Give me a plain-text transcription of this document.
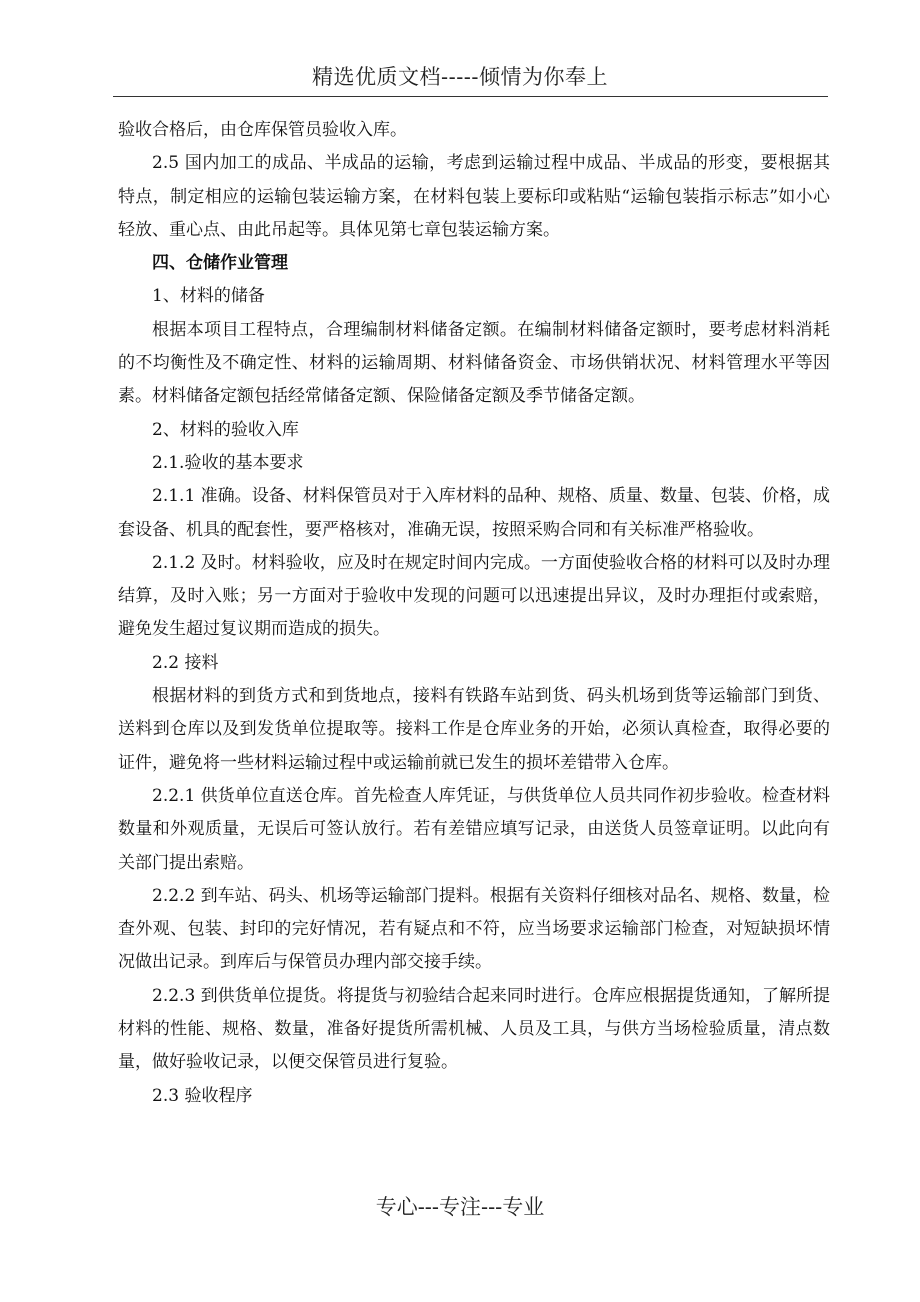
精选优质文档-----倾情为你奉上

验收合格后，由仓库保管员验收入库。

2.5 国内加工的成品、半成品的运输，考虑到运输过程中成品、半成品的形变，要根据其特点，制定相应的运输包装运输方案，在材料包装上要标印或粘贴“运输包装指示标志”如小心轻放、重心点、由此吊起等。具体见第七章包装运输方案。

四、仓储作业管理

1、材料的储备

根据本项目工程特点，合理编制材料储备定额。在编制材料储备定额时，要考虑材料消耗的不均衡性及不确定性、材料的运输周期、材料储备资金、市场供销状况、材料管理水平等因素。材料储备定额包括经常储备定额、保险储备定额及季节储备定额。

2、材料的验收入库

2.1.验收的基本要求

2.1.1 准确。设备、材料保管员对于入库材料的品种、规格、质量、数量、包装、价格，成套设备、机具的配套性，要严格核对，准确无误，按照采购合同和有关标准严格验收。

2.1.2 及时。材料验收，应及时在规定时间内完成。一方面使验收合格的材料可以及时办理结算，及时入账；另一方面对于验收中发现的问题可以迅速提出异议，及时办理拒付或索赔，避免发生超过复议期而造成的损失。

2.2 接料

根据材料的到货方式和到货地点，接料有铁路车站到货、码头机场到货等运输部门到货、送料到仓库以及到发货单位提取等。接料工作是仓库业务的开始，必须认真检查，取得必要的证件，避免将一些材料运输过程中或运输前就已发生的损坏差错带入仓库。

2.2.1 供货单位直送仓库。首先检查人库凭证，与供货单位人员共同作初步验收。检查材料数量和外观质量，无误后可签认放行。若有差错应填写记录，由送货人员签章证明。以此向有关部门提出索赔。

2.2.2 到车站、码头、机场等运输部门提料。根据有关资料仔细核对品名、规格、数量，检查外观、包装、封印的完好情况，若有疑点和不符，应当场要求运输部门检查，对短缺损坏情况做出记录。到库后与保管员办理内部交接手续。

2.2.3 到供货单位提货。将提货与初验结合起来同时进行。仓库应根据提货通知，了解所提材料的性能、规格、数量，准备好提货所需机械、人员及工具，与供方当场检验质量，清点数量，做好验收记录，以便交保管员进行复验。

2.3 验收程序

专心---专注---专业
